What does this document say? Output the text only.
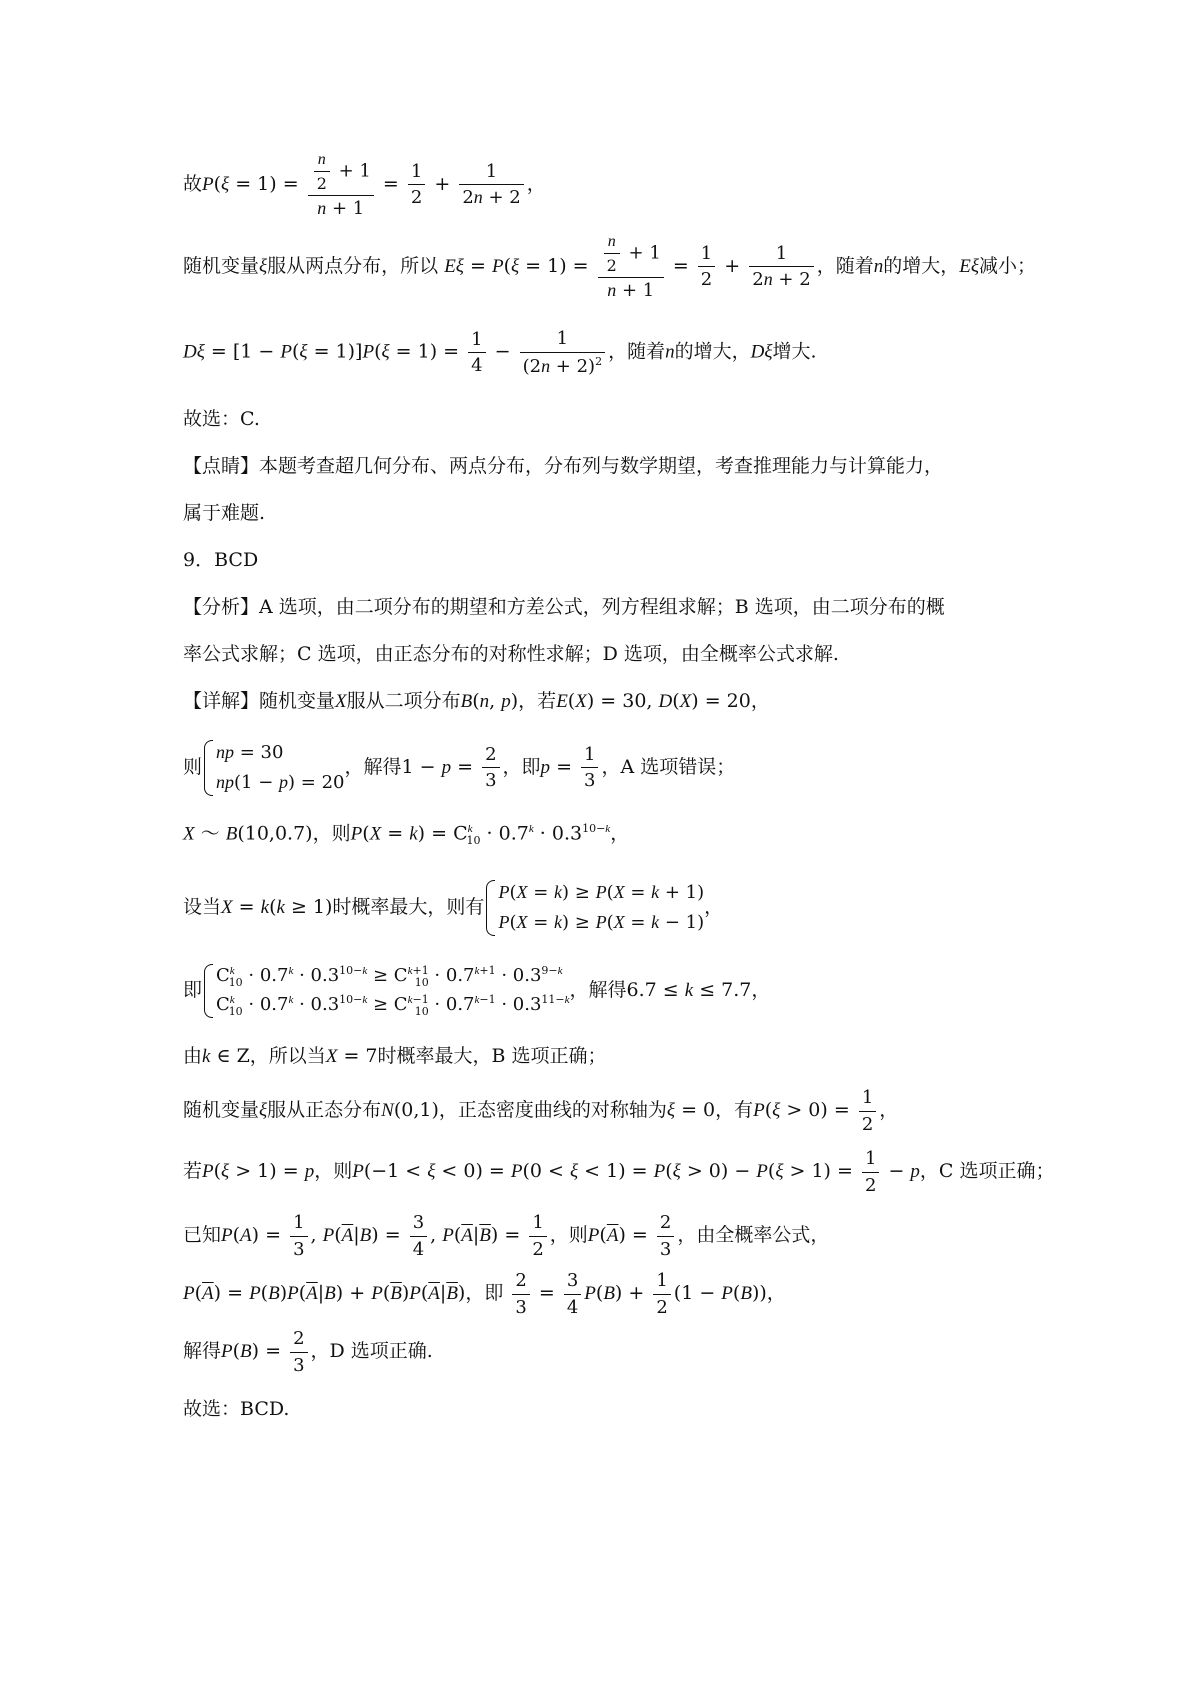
故$P(\xi = 1) = \frac{\frac{n}{2} + 1}{n + 1} = \frac{1}{2} + \frac{1}{2n + 2}$ ，
随机变量ξ服从两点分布，所以 $E\xi = P(\xi = 1) = \frac{\frac{n}{2} + 1}{n + 1} = \frac{1}{2} + \frac{1}{2n + 2}$ ，随着n的增大，Eξ减小；
$D\xi = [1 - P(\xi = 1)]P(\xi = 1) = \frac{1}{4} - \frac{1}{(2n + 2)^2}$ ，随着n的增大，Dξ增大.
故选：C.
【点睛】本题考查超几何分布、两点分布，分布列与数学期望，考查推理能力与计算能力，
属于难题.
9．BCD
【分析】A 选项，由二项分布的期望和方差公式，列方程组求解；B 选项，由二项分布的概
率公式求解；C 选项，由正态分布的对称性求解；D 选项，由全概率公式求解.
【详解】随机变量X服从二项分布B(n, p)，若E(X) = 30, D(X) = 20，
则
np = 30
np(1 − p) = 20
，解得$1 - p = \frac{2}{3}$ ，即$p = \frac{1}{3}$ ，A 选项错误；
X ～ B(10,0.7)，则$P(X = k) = C^k_{10} \cdot 0.7^k \cdot 0.3^{10-k}$，
设当X = k(k ≥ 1)时概率最大，则有
P(X = k) ≥ P(X = k + 1)
P(X = k) ≥ P(X = k − 1)
，
即
$C^k_{10} \cdot 0.7^k \cdot 0.3^{10-k} \ge C^{k+1}_{10} \cdot 0.7^{k+1} \cdot 0.3^{9-k}$
$C^k_{10} \cdot 0.7^k \cdot 0.3^{10-k} \ge C^{k-1}_{10} \cdot 0.7^{k-1} \cdot 0.3^{11-k}$ ，解得6.7 ≤ k ≤ 7.7，
由k ∈ Z，所以当X = 7时概率最大，B 选项正确；
随机变量ξ服从正态分布N(0,1)，正态密度曲线的对称轴为ξ = 0，有$P(\xi > 0) = \frac{1}{2}$ ，
若P(ξ > 1) = p，则$P(-1 < \xi < 0) = P(0 < \xi < 1) = P(\xi > 0) - P(\xi > 1) = \frac{1}{2} - p$，C 选项正确；
已知$P(A) = \frac{1}{3}$ , $P(\overline{A}|B) = \frac{3}{4}$ , $P(\overline{A}|\overline{B}) = \frac{1}{2}$ ，则$P(\overline{A}) = \frac{2}{3}$ ，由全概率公式，
$P(\overline{A}) = P(B)P(\overline{A}|B) + P(\overline{B})P(\overline{A}|\overline{B})$，即 $\frac{2}{3} = \frac{3}{4} P(B) + \frac{1}{2} (1 - P(B))$，
解得$P(B) = \frac{2}{3}$ ，D 选项正确.
故选：BCD.
